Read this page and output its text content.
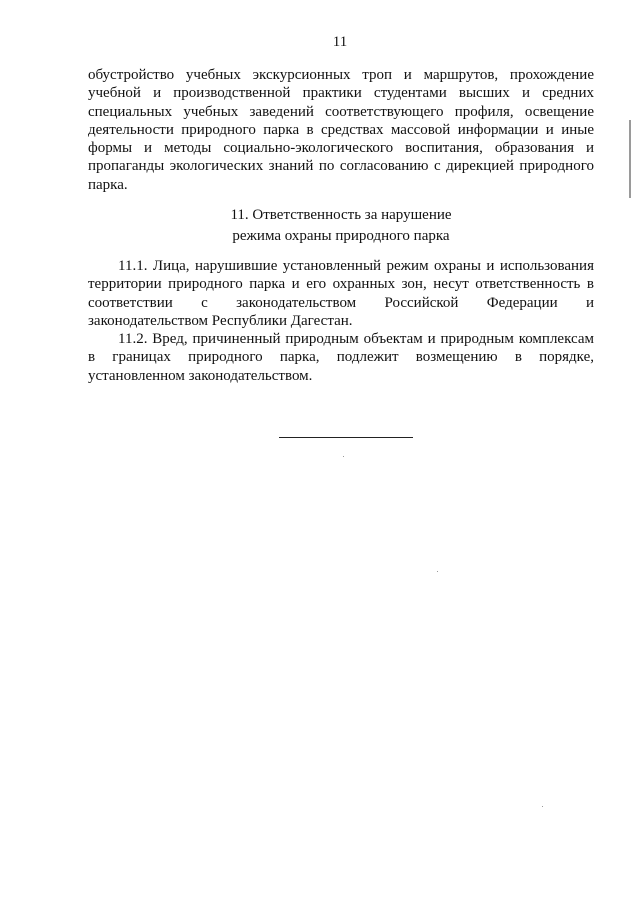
11

обустройство учебных экскурсионных троп и маршрутов, прохождение учебной и производственной практики студентами высших и средних специальных учебных заведений соответствующего профиля, освещение деятельности природного парка в средствах массовой информации и иные формы и методы социально-экологического воспитания, образования и пропаганды экологических знаний по согласованию с дирекцией природного парка.

11. Ответственность за нарушение
режима охраны природного парка

11.1. Лица, нарушившие установленный режим охраны и использования территории природного парка и его охранных зон, несут ответственность в соответствии с законодательством Российской Федерации и законодательством Республики Дагестан.

11.2. Вред, причиненный природным объектам и природным комплексам в границах природного парка, подлежит возмещению в порядке, установленном законодательством.
